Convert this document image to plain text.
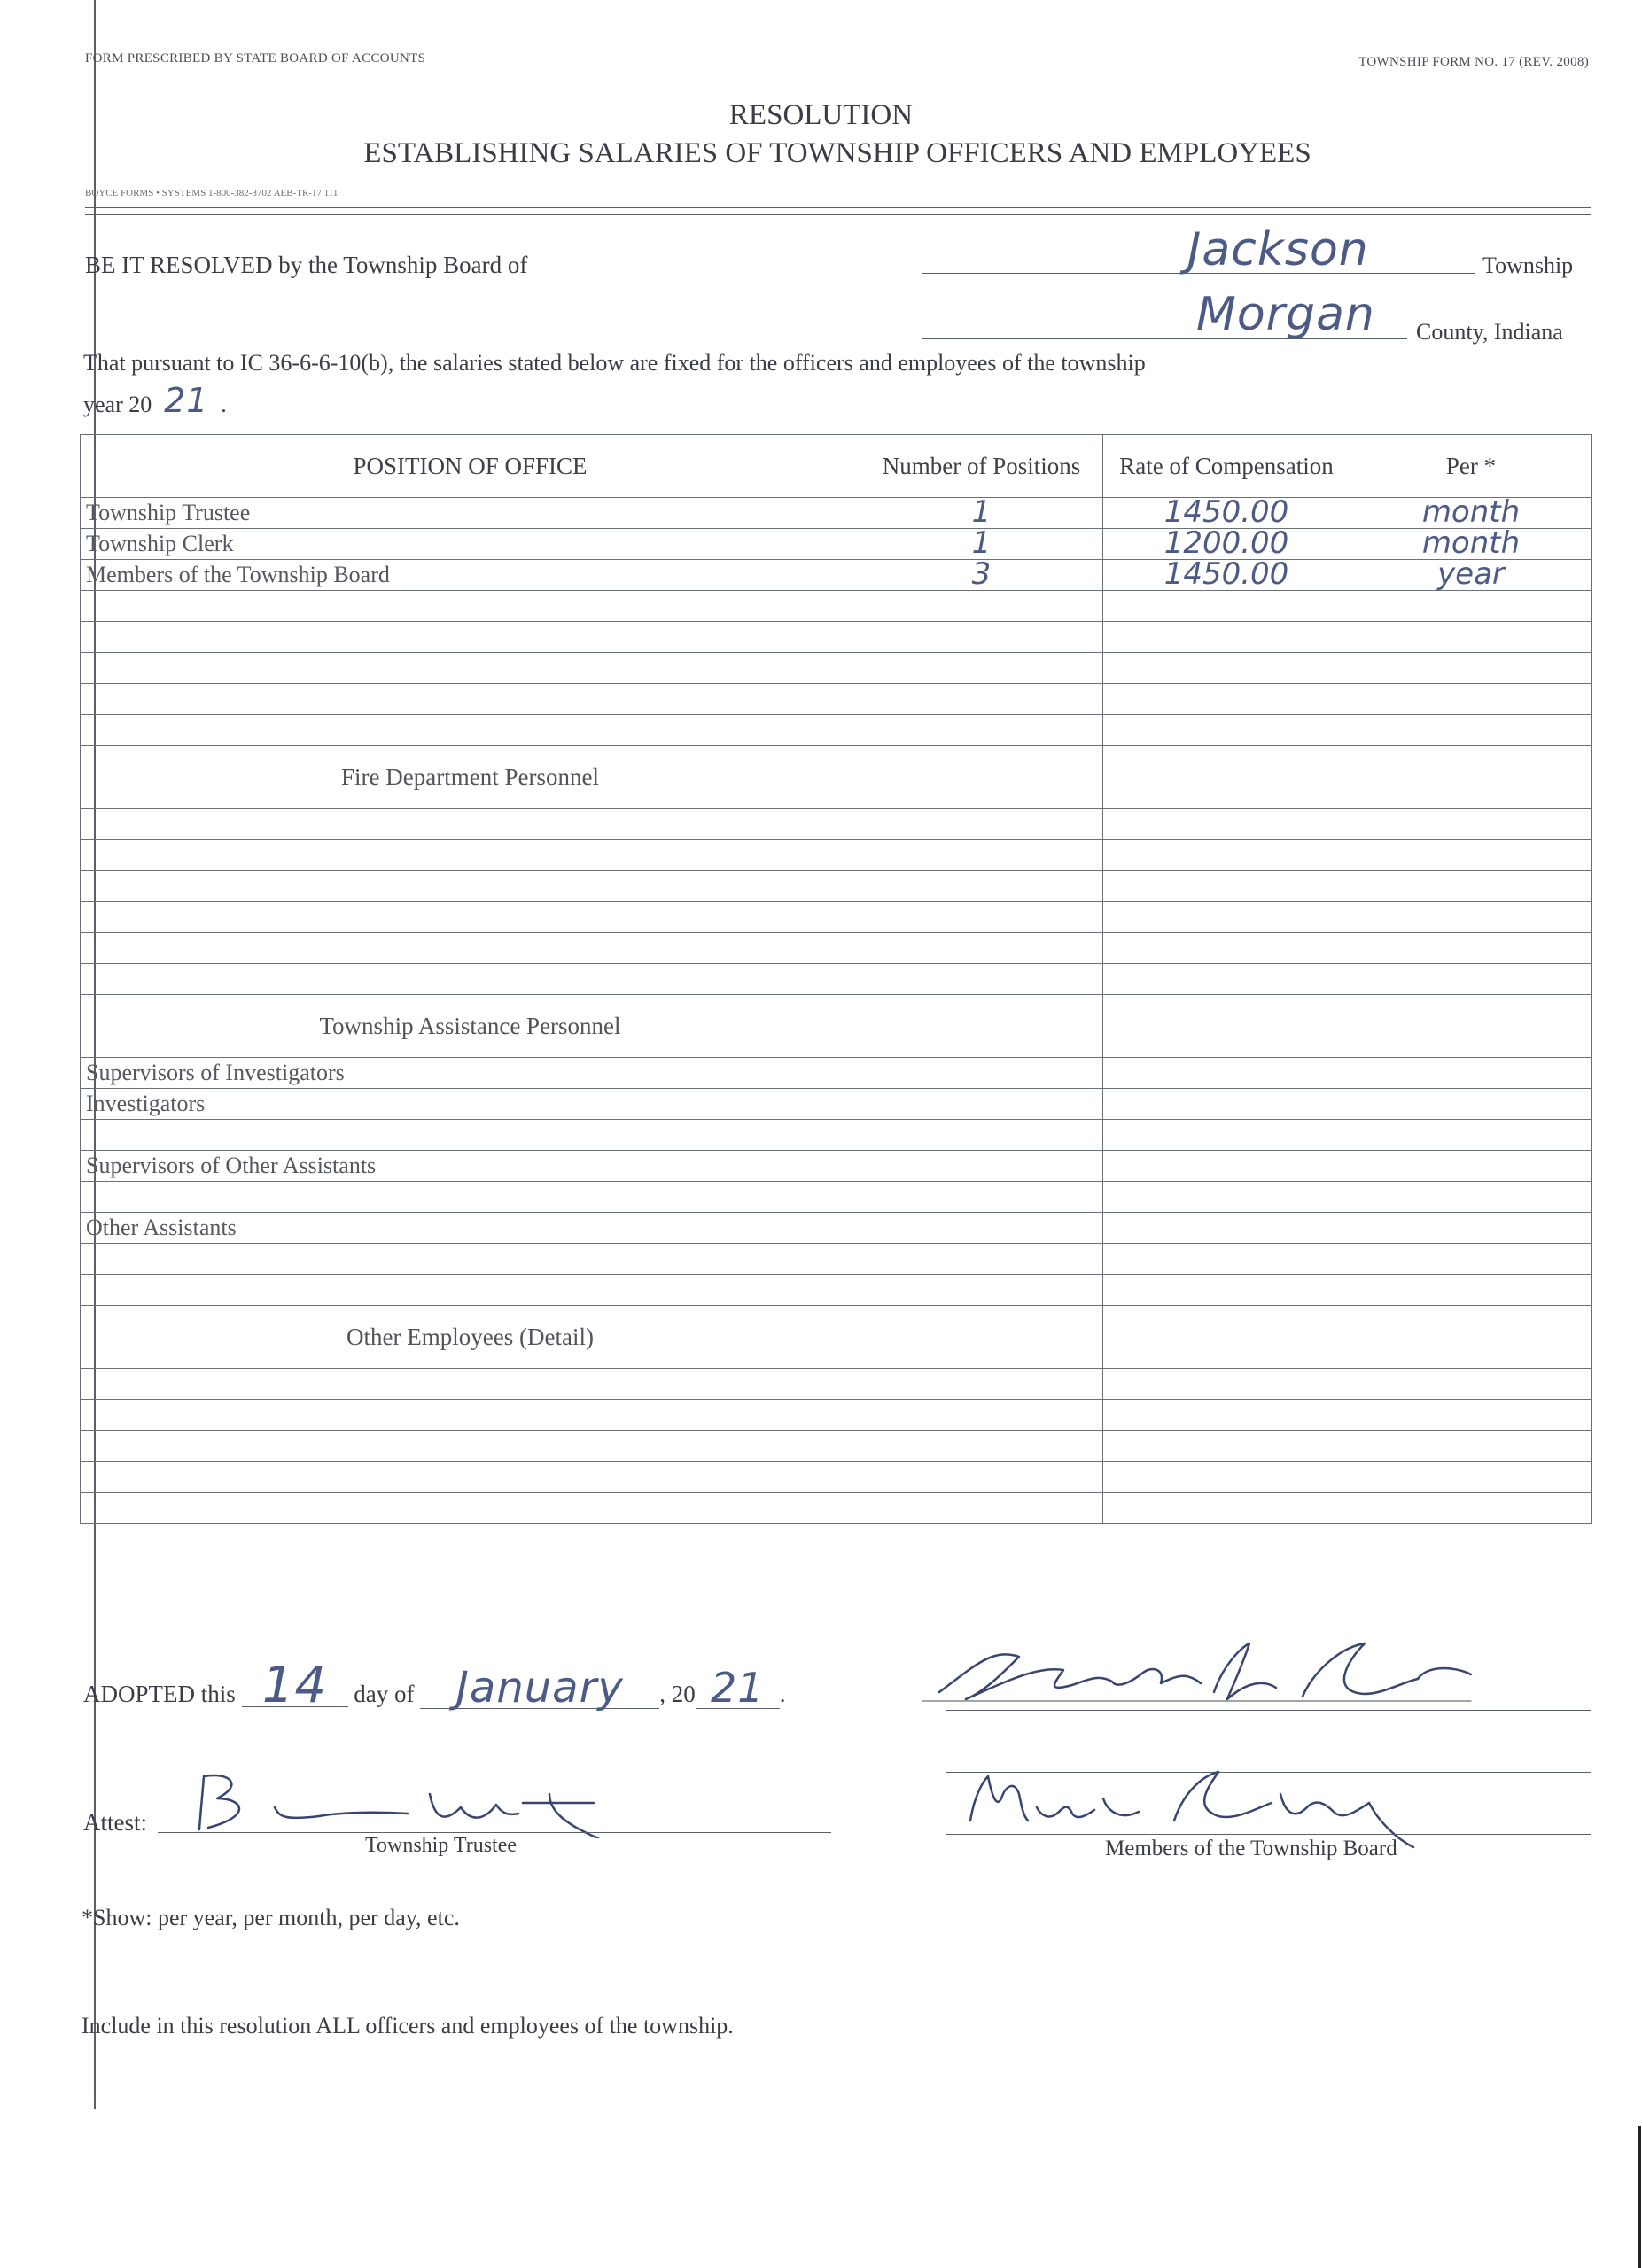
FORM PRESCRIBED BY STATE BOARD OF ACCOUNTS	TOWNSHIP FORM NO. 17 (REV. 2008)
RESOLUTION
ESTABLISHING SALARIES OF TOWNSHIP OFFICERS AND EMPLOYEES
BOYCE FORMS • SYSTEMS 1-800-382-8702 AEB-TR-17 111
BE IT RESOLVED by the Township Board of	Jackson	Township
Morgan County, Indiana
That pursuant to IC 36-6-6-10(b), the salaries stated below are fixed for the officers and employees of the township
year 20 21 .
POSITION OF OFFICE	Number of Positions	Rate of Compensation	Per *
Township Trustee	1	1450.00	month
Township Clerk	1	1200.00	month
Members of the Township Board	3	1450.00	year

Fire Department Personnel			

Township Assistance Personnel			
Supervisors of Investigators			
Investigators			

Supervisors of Other Assistants			

Other Assistants			

Other Employees (Detail)			

ADOPTED this 14 day of January , 20 21 .
Attest:
Township Trustee	Members of the Township Board
*Show: per year, per month, per day, etc.
Include in this resolution ALL officers and employees of the township.
